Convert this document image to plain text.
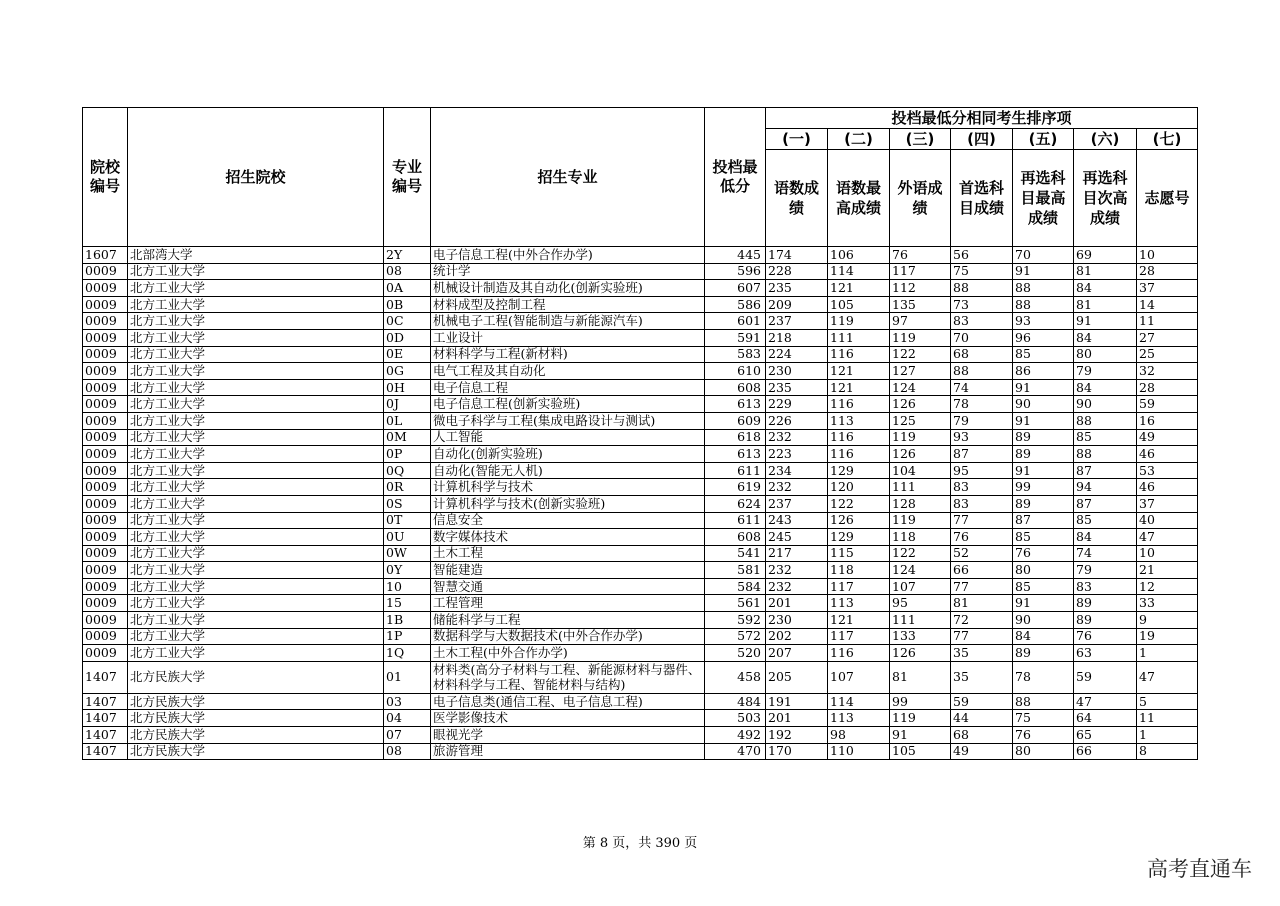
院校编号	招生院校	专业编号	招生专业	投档最低分	投档最低分相同考生排序项						
					(一)	(二)	(三)	(四)	(五)	(六)	(七)
					语数成绩	语数最高成绩	外语成绩	首选科目成绩	再选科目最高成绩	再选科目次高成绩	志愿号
1607	北部湾大学	2Y	电子信息工程(中外合作办学)	445	174	106	76	56	70	69	10
0009	北方工业大学	08	统计学	596	228	114	117	75	91	81	28
0009	北方工业大学	0A	机械设计制造及其自动化(创新实验班)	607	235	121	112	88	88	84	37
0009	北方工业大学	0B	材料成型及控制工程	586	209	105	135	73	88	81	14
0009	北方工业大学	0C	机械电子工程(智能制造与新能源汽车)	601	237	119	97	83	93	91	11
0009	北方工业大学	0D	工业设计	591	218	111	119	70	96	84	27
0009	北方工业大学	0E	材料科学与工程(新材料)	583	224	116	122	68	85	80	25
0009	北方工业大学	0G	电气工程及其自动化	610	230	121	127	88	86	79	32
0009	北方工业大学	0H	电子信息工程	608	235	121	124	74	91	84	28
0009	北方工业大学	0J	电子信息工程(创新实验班)	613	229	116	126	78	90	90	59
0009	北方工业大学	0L	微电子科学与工程(集成电路设计与测试)	609	226	113	125	79	91	88	16
0009	北方工业大学	0M	人工智能	618	232	116	119	93	89	85	49
0009	北方工业大学	0P	自动化(创新实验班)	613	223	116	126	87	89	88	46
0009	北方工业大学	0Q	自动化(智能无人机)	611	234	129	104	95	91	87	53
0009	北方工业大学	0R	计算机科学与技术	619	232	120	111	83	99	94	46
0009	北方工业大学	0S	计算机科学与技术(创新实验班)	624	237	122	128	83	89	87	37
0009	北方工业大学	0T	信息安全	611	243	126	119	77	87	85	40
0009	北方工业大学	0U	数字媒体技术	608	245	129	118	76	85	84	47
0009	北方工业大学	0W	土木工程	541	217	115	122	52	76	74	10
0009	北方工业大学	0Y	智能建造	581	232	118	124	66	80	79	21
0009	北方工业大学	10	智慧交通	584	232	117	107	77	85	83	12
0009	北方工业大学	15	工程管理	561	201	113	95	81	91	89	33
0009	北方工业大学	1B	储能科学与工程	592	230	121	111	72	90	89	9
0009	北方工业大学	1P	数据科学与大数据技术(中外合作办学)	572	202	117	133	77	84	76	19
0009	北方工业大学	1Q	土木工程(中外合作办学)	520	207	116	126	35	89	63	1
1407	北方民族大学	01	材料类(高分子材料与工程、新能源材料与器件、材料科学与工程、智能材料与结构)	458	205	107	81	35	78	59	47
1407	北方民族大学	03	电子信息类(通信工程、电子信息工程)	484	191	114	99	59	88	47	5
1407	北方民族大学	04	医学影像技术	503	201	113	119	44	75	64	11
1407	北方民族大学	07	眼视光学	492	192	98	91	68	76	65	1
1407	北方民族大学	08	旅游管理	470	170	110	105	49	80	66	8
第 8 页，共 390 页
高考直通车
